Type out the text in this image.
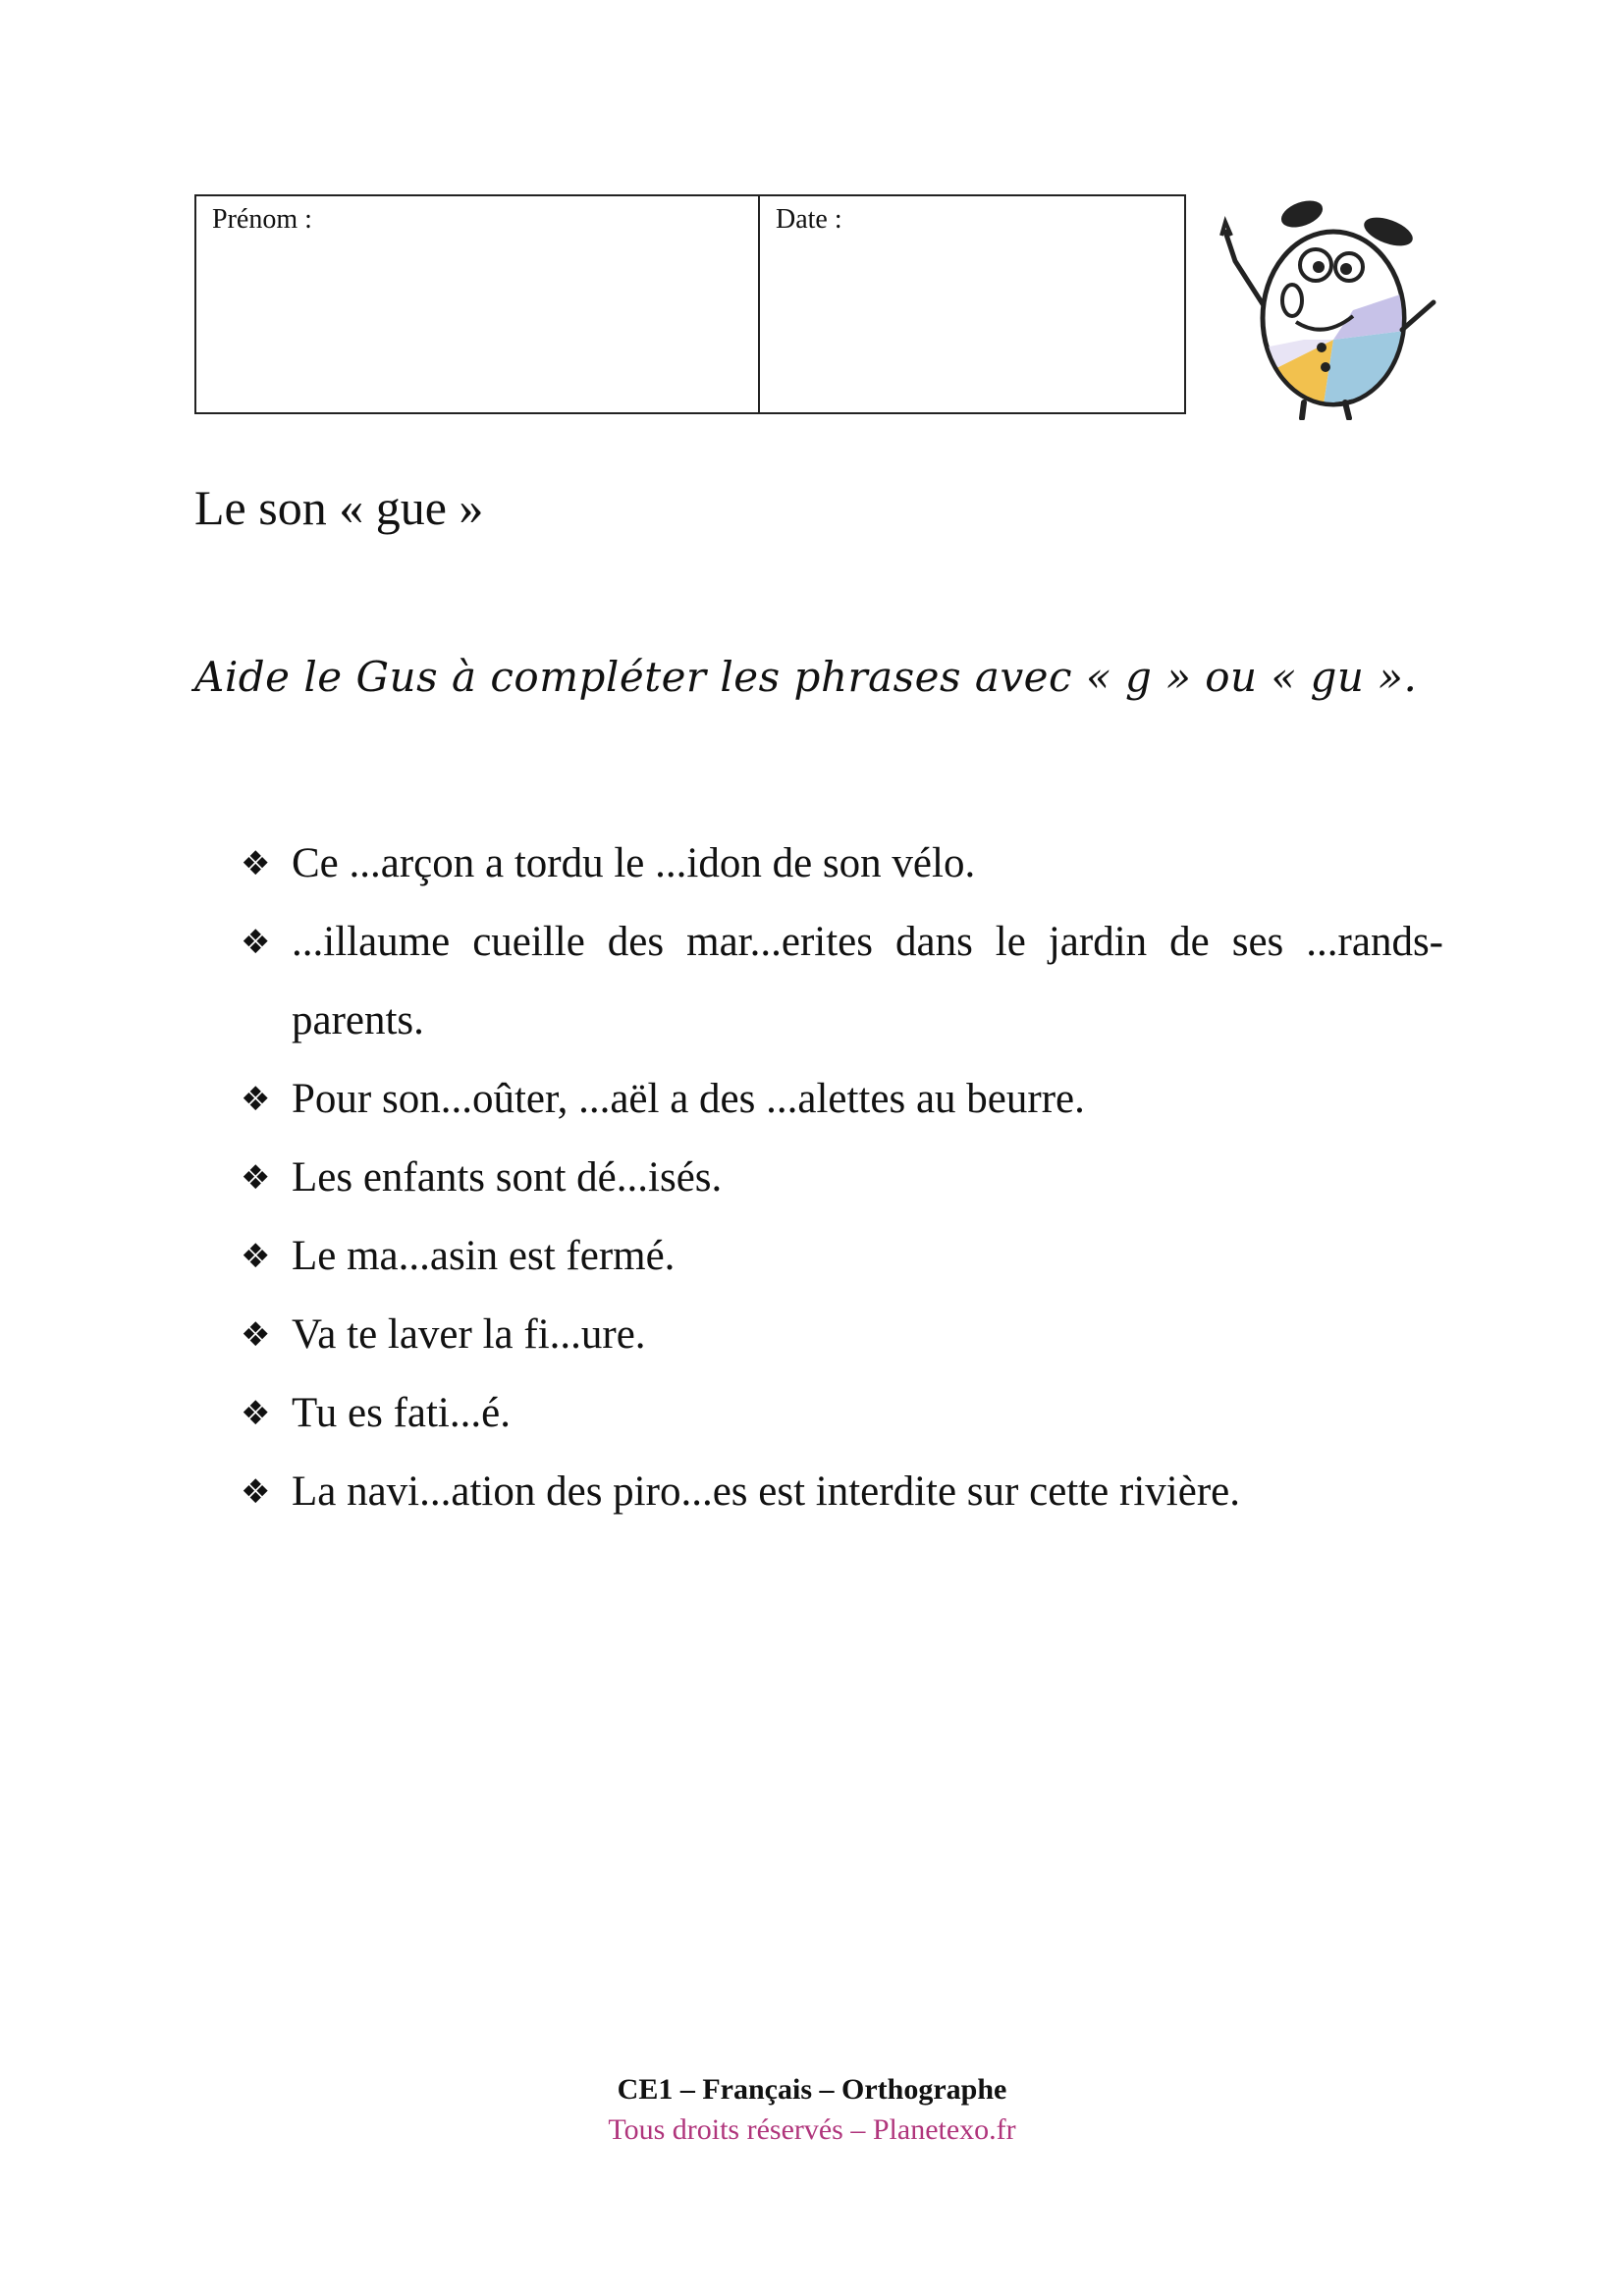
Prénom :	Date :
Le son « gue »
Aide le Gus à compléter les phrases avec « g » ou « gu ».
❖ Ce ...arçon a tordu le ...idon de son vélo.
❖ ...illaume cueille des mar...erites dans le jardin de ses ...rands-parents.
❖ Pour son...oûter, ...aël a des ...alettes au beurre.
❖ Les enfants sont dé...isés.
❖ Le ma...asin est fermé.
❖ Va te laver la fi...ure.
❖ Tu es fati...é.
❖ La navi...ation des piro...es est interdite sur cette rivière.
CE1 – Français – Orthographe
Tous droits réservés – Planetexo.fr
